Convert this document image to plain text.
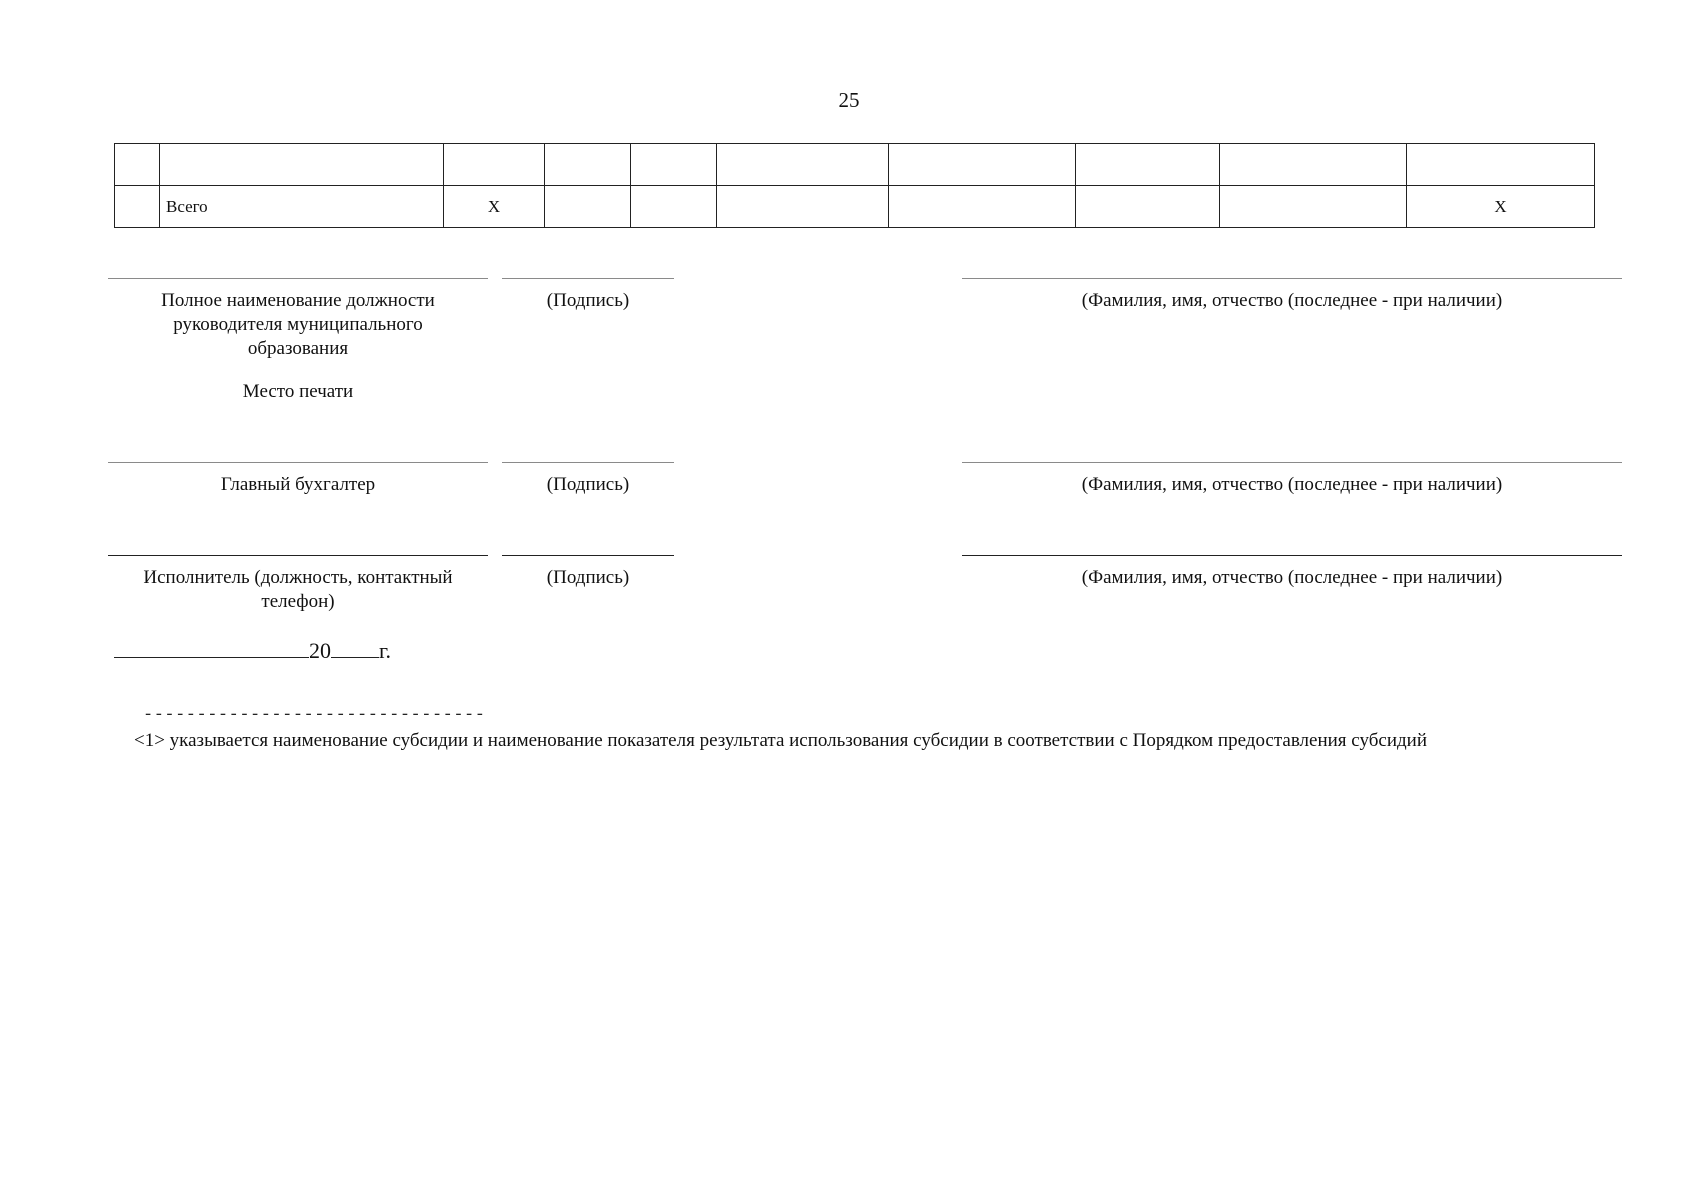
25

	Всего	X							X
Полное наименование должности руководителя муниципального образования
(Подпись)	(Фамилия, имя, отчество (последнее - при наличии)
Место печати
Главный бухгалтер	(Подпись)	(Фамилия, имя, отчество (последнее - при наличии)
Исполнитель (должность, контактный телефон)
(Подпись)	(Фамилия, имя, отчество (последнее - при наличии)
20 г.
--------------------------------
<1> указывается наименование субсидии и наименование показателя результата использования субсидии в соответствии с Порядком предоставления субсидий
